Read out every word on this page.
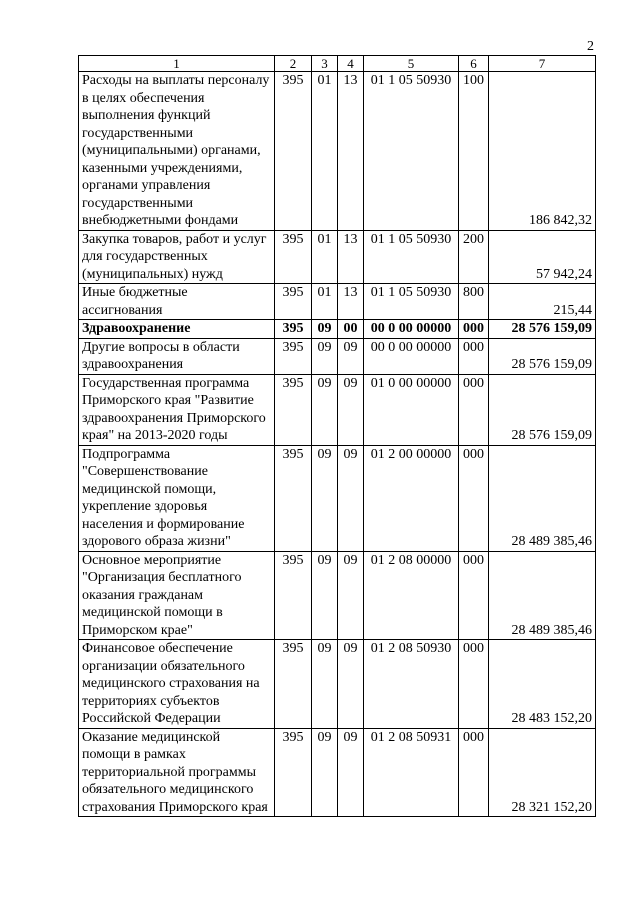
2
1	2	3	4	5	6	7
Расходы на выплаты персоналу в целях обеспечения выполнения функций государственными (муниципальными) органами, казенными учреждениями, органами управления государственными внебюджетными фондами	395	01	13	01 1 05 50930	100	186 842,32
Закупка товаров, работ и услуг для государственных (муниципальных) нужд	395	01	13	01 1 05 50930	200	57 942,24
Иные бюджетные ассигнования	395	01	13	01 1 05 50930	800	215,44
Здравоохранение	395	09	00	00 0 00 00000	000	28 576 159,09
Другие вопросы в области здравоохранения	395	09	09	00 0 00 00000	000	28 576 159,09
Государственная программа Приморского края "Развитие здравоохранения Приморского края" на 2013-2020 годы	395	09	09	01 0 00 00000	000	28 576 159,09
Подпрограмма "Совершенствование медицинской помощи, укрепление здоровья населения и формирование здорового образа жизни"	395	09	09	01 2 00 00000	000	28 489 385,46
Основное мероприятие "Организация бесплатного оказания гражданам медицинской помощи в Приморском крае"	395	09	09	01 2 08 00000	000	28 489 385,46
Финансовое обеспечение организации обязательного медицинского страхования на территориях субъектов Российской Федерации	395	09	09	01 2 08 50930	000	28 483 152,20
Оказание медицинской помощи в рамках территориальной программы обязательного медицинского страхования Приморского края	395	09	09	01 2 08 50931	000	28 321 152,20
